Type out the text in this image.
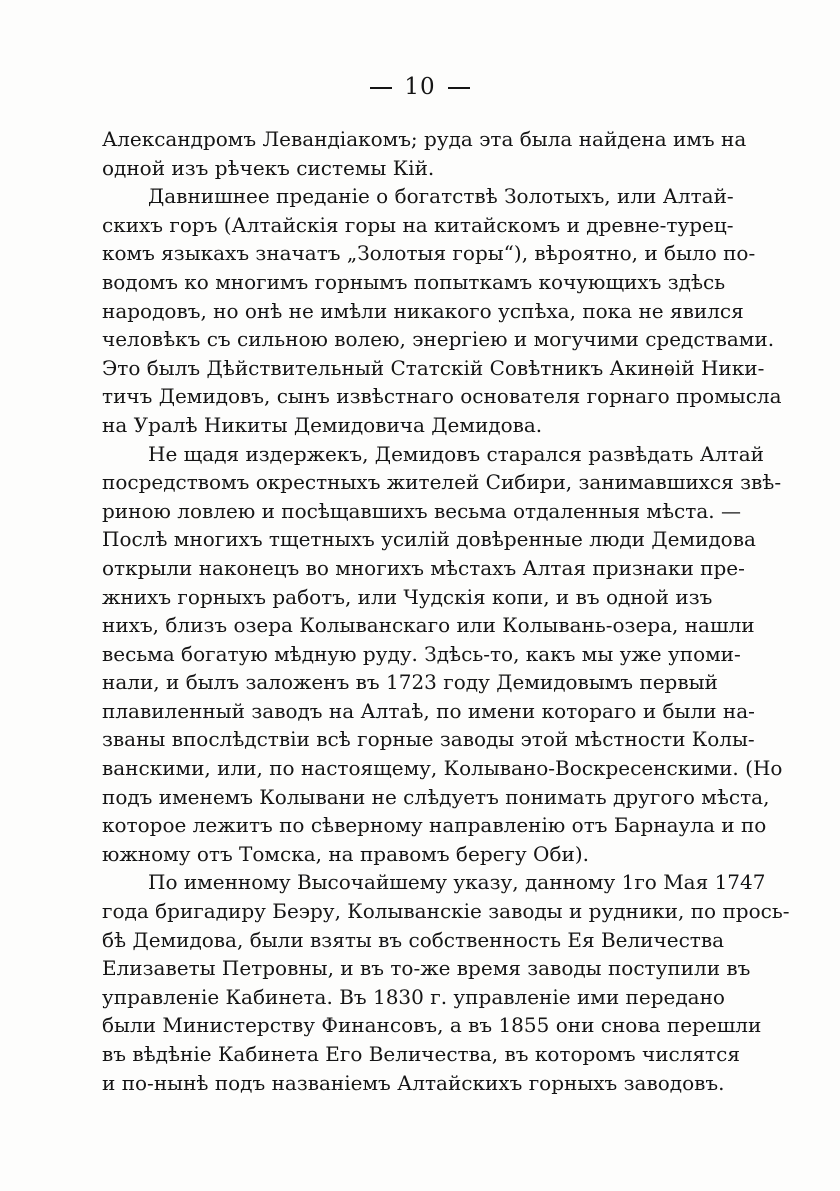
10
Александромъ Левандіакомъ; руда эта была найдена имъ на
одной изъ рѣчекъ системы Кій.
Давнишнее преданіе о богатствѣ Золотыхъ, или Алтай-
скихъ горъ (Алтайскія горы на китайскомъ и древне-турец-
комъ языкахъ значатъ „Золотыя горы“), вѣроятно, и было по-
водомъ ко многимъ горнымъ попыткамъ кочующихъ здѣсь
народовъ, но онѣ не имѣли никакого успѣха, пока не явился
человѣкъ съ сильною волею, энергіею и могучими средствами.
Это былъ Дѣйствительный Статскій Совѣтникъ Акинѳій Ники-
тичъ Демидовъ, сынъ извѣстнаго основателя горнаго промысла
на Уралѣ Никиты Демидовича Демидова.
Не щадя издержекъ, Демидовъ старался развѣдать Алтай
посредствомъ окрестныхъ жителей Сибири, занимавшихся звѣ-
риною ловлею и посѣщавшихъ весьма отдаленныя мѣста. —
Послѣ многихъ тщетныхъ усилій довѣренные люди Демидова
открыли наконецъ во многихъ мѣстахъ Алтая признаки пре-
жнихъ горныхъ работъ, или Чудскія копи, и въ одной изъ
нихъ, близъ озера Колыванскаго или Колывань-озера, нашли
весьма богатую мѣдную руду. Здѣсь-то, какъ мы уже упоми-
нали, и былъ заложенъ въ 1723 году Демидовымъ первый
плавиленный заводъ на Алтаѣ, по имени котораго и были на-
званы впослѣдствіи всѣ горные заводы этой мѣстности Колы-
ванскими, или, по настоящему, Колывано-Воскресенскими. (Но
подъ именемъ Колывани не слѣдуетъ понимать другого мѣста,
которое лежитъ по сѣверному направленію отъ Барнаула и по
южному отъ Томска, на правомъ берегу Оби).
По именному Высочайшему указу, данному 1го Мая 1747
года бригадиру Беэру, Колыванскіе заводы и рудники, по прось-
бѣ Демидова, были взяты въ собственность Ея Величества
Елизаветы Петровны, и въ то-же время заводы поступили въ
управленіе Кабинета. Въ 1830 г. управленіе ими передано
были Министерству Финансовъ, а въ 1855 они снова перешли
въ вѣдѣніе Кабинета Его Величества, въ которомъ числятся
и по-нынѣ подъ названіемъ Алтайскихъ горныхъ заводовъ.
